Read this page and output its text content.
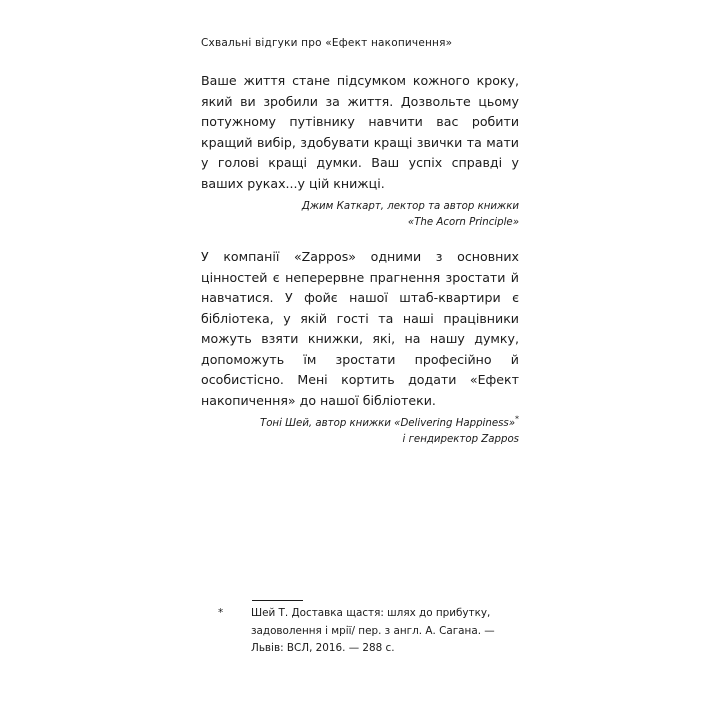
Схвальні відгуки про «Ефект накопичення»

Ваше життя стане підсумком кожного кроку, який ви зробили за життя. Дозвольте цьому потужному путівнику навчити вас робити кращий вибір, здобувати кращі звички та мати у голові кращі думки. Ваш успіх справді у ваших руках...у цій книжці.

Джим Каткарт, лектор та автор книжки
«The Acorn Principle»

У компанії «Zappos» одними з основних цінностей є неперервне прагнення зростати й навчатися. У фойє нашої штаб-квартири є бібліотека, у якій гості та наші працівники можуть взяти книжки, які, на нашу думку, допоможуть їм зростати професійно й особистісно. Мені кортить додати «Ефект накопичення» до нашої бібліотеки.

Тоні Шей, автор книжки «Delivering Happiness»*
і гендиректор Zappos

*	Шей Т. Доставка щастя: шлях до прибутку, задоволення і мрії/ пер. з англ. А. Сагана. — Львів: ВСЛ, 2016. — 288 с.
